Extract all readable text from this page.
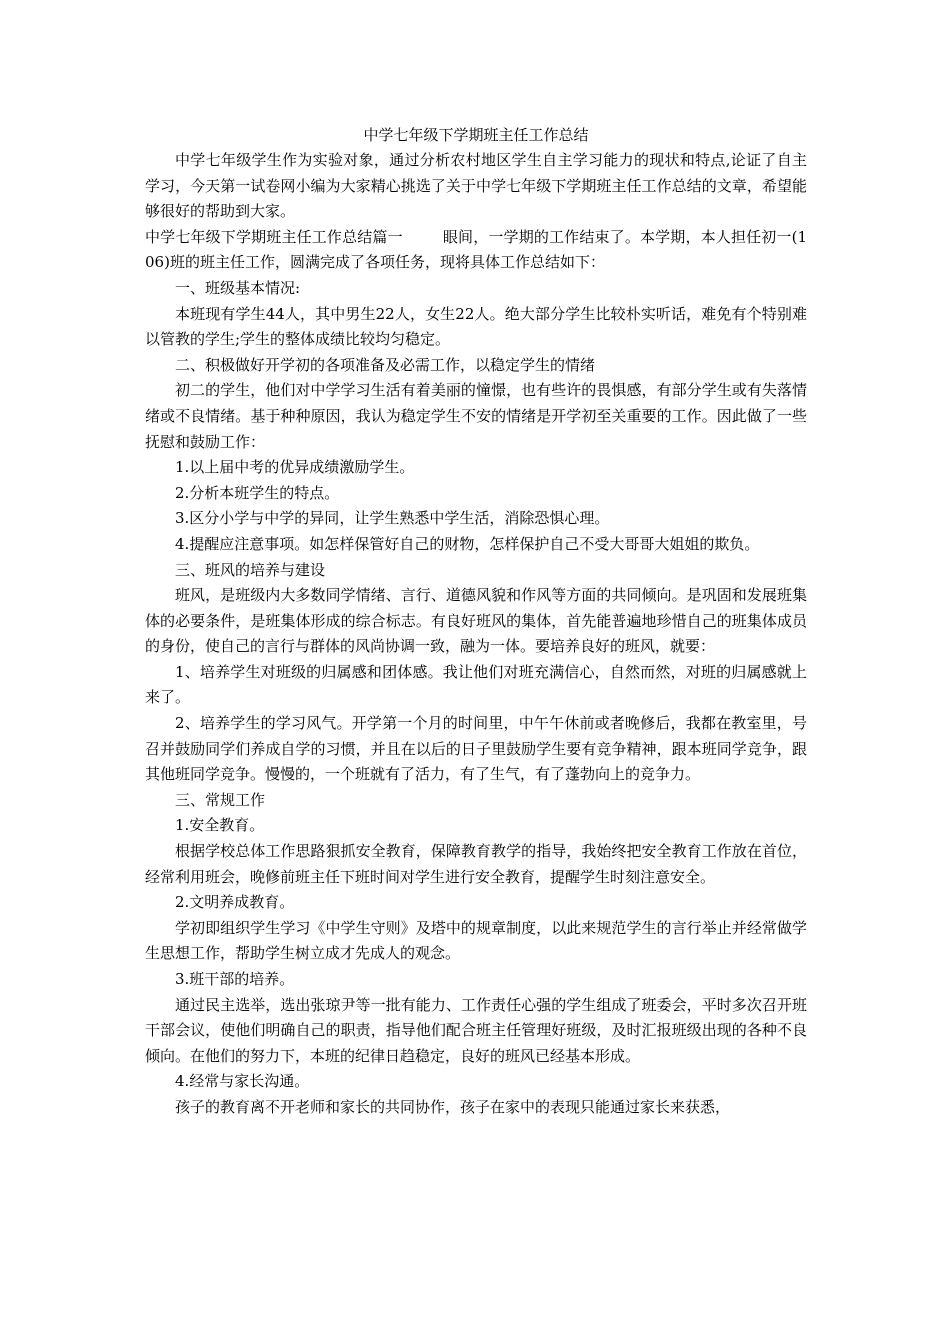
中学七年级下学期班主任工作总结

中学七年级学生作为实验对象，通过分析农村地区学生自主学习能力的现状和特点,论证了自主学习，今天第一试卷网小编为大家精心挑选了关于中学七年级下学期班主任工作总结的文章，希望能够很好的帮助到大家。

中学七年级下学期班主任工作总结篇一	眼间，一学期的工作结束了。本学期，本人担任初一(106)班的班主任工作，圆满完成了各项任务，现将具体工作总结如下：

一、班级基本情况:

本班现有学生44人，其中男生22人，女生22人。绝大部分学生比较朴实听话，难免有个特别难以管教的学生;学生的整体成绩比较均匀稳定。

二、积极做好开学初的各项准备及必需工作，以稳定学生的情绪

初二的学生，他们对中学学习生活有着美丽的憧憬，也有些许的畏惧感，有部分学生或有失落情绪或不良情绪。基于种种原因，我认为稳定学生不安的情绪是开学初至关重要的工作。因此做了一些抚慰和鼓励工作：

1.以上届中考的优异成绩激励学生。

2.分析本班学生的特点。

3.区分小学与中学的异同，让学生熟悉中学生活，消除恐惧心理。

4.提醒应注意事项。如怎样保管好自己的财物，怎样保护自己不受大哥哥大姐姐的欺负。

三、班风的培养与建设

班风，是班级内大多数同学情绪、言行、道德风貌和作风等方面的共同倾向。是巩固和发展班集体的必要条件，是班集体形成的综合标志。有良好班风的集体，首先能普遍地珍惜自己的班集体成员的身份，使自己的言行与群体的风尚协调一致，融为一体。要培养良好的班风，就要：

1、培养学生对班级的归属感和团体感。我让他们对班充满信心，自然而然，对班的归属感就上来了。

2、培养学生的学习风气。开学第一个月的时间里，中午午休前或者晚修后，我都在教室里，号召并鼓励同学们养成自学的习惯，并且在以后的日子里鼓励学生要有竞争精神，跟本班同学竞争，跟其他班同学竞争。慢慢的，一个班就有了活力，有了生气，有了蓬勃向上的竞争力。

三、常规工作

1.安全教育。

根据学校总体工作思路狠抓安全教育，保障教育教学的指导，我始终把安全教育工作放在首位，经常利用班会，晚修前班主任下班时间对学生进行安全教育，提醒学生时刻注意安全。

2.文明养成教育。

学初即组织学生学习《中学生守则》及塔中的规章制度，以此来规范学生的言行举止并经常做学生思想工作，帮助学生树立成才先成人的观念。

3.班干部的培养。

通过民主选举，选出张琼尹等一批有能力、工作责任心强的学生组成了班委会，平时多次召开班干部会议，使他们明确自己的职责，指导他们配合班主任管理好班级，及时汇报班级出现的各种不良倾向。在他们的努力下，本班的纪律日趋稳定，良好的班风已经基本形成。

4.经常与家长沟通。

孩子的教育离不开老师和家长的共同协作，孩子在家中的表现只能通过家长来获悉，
